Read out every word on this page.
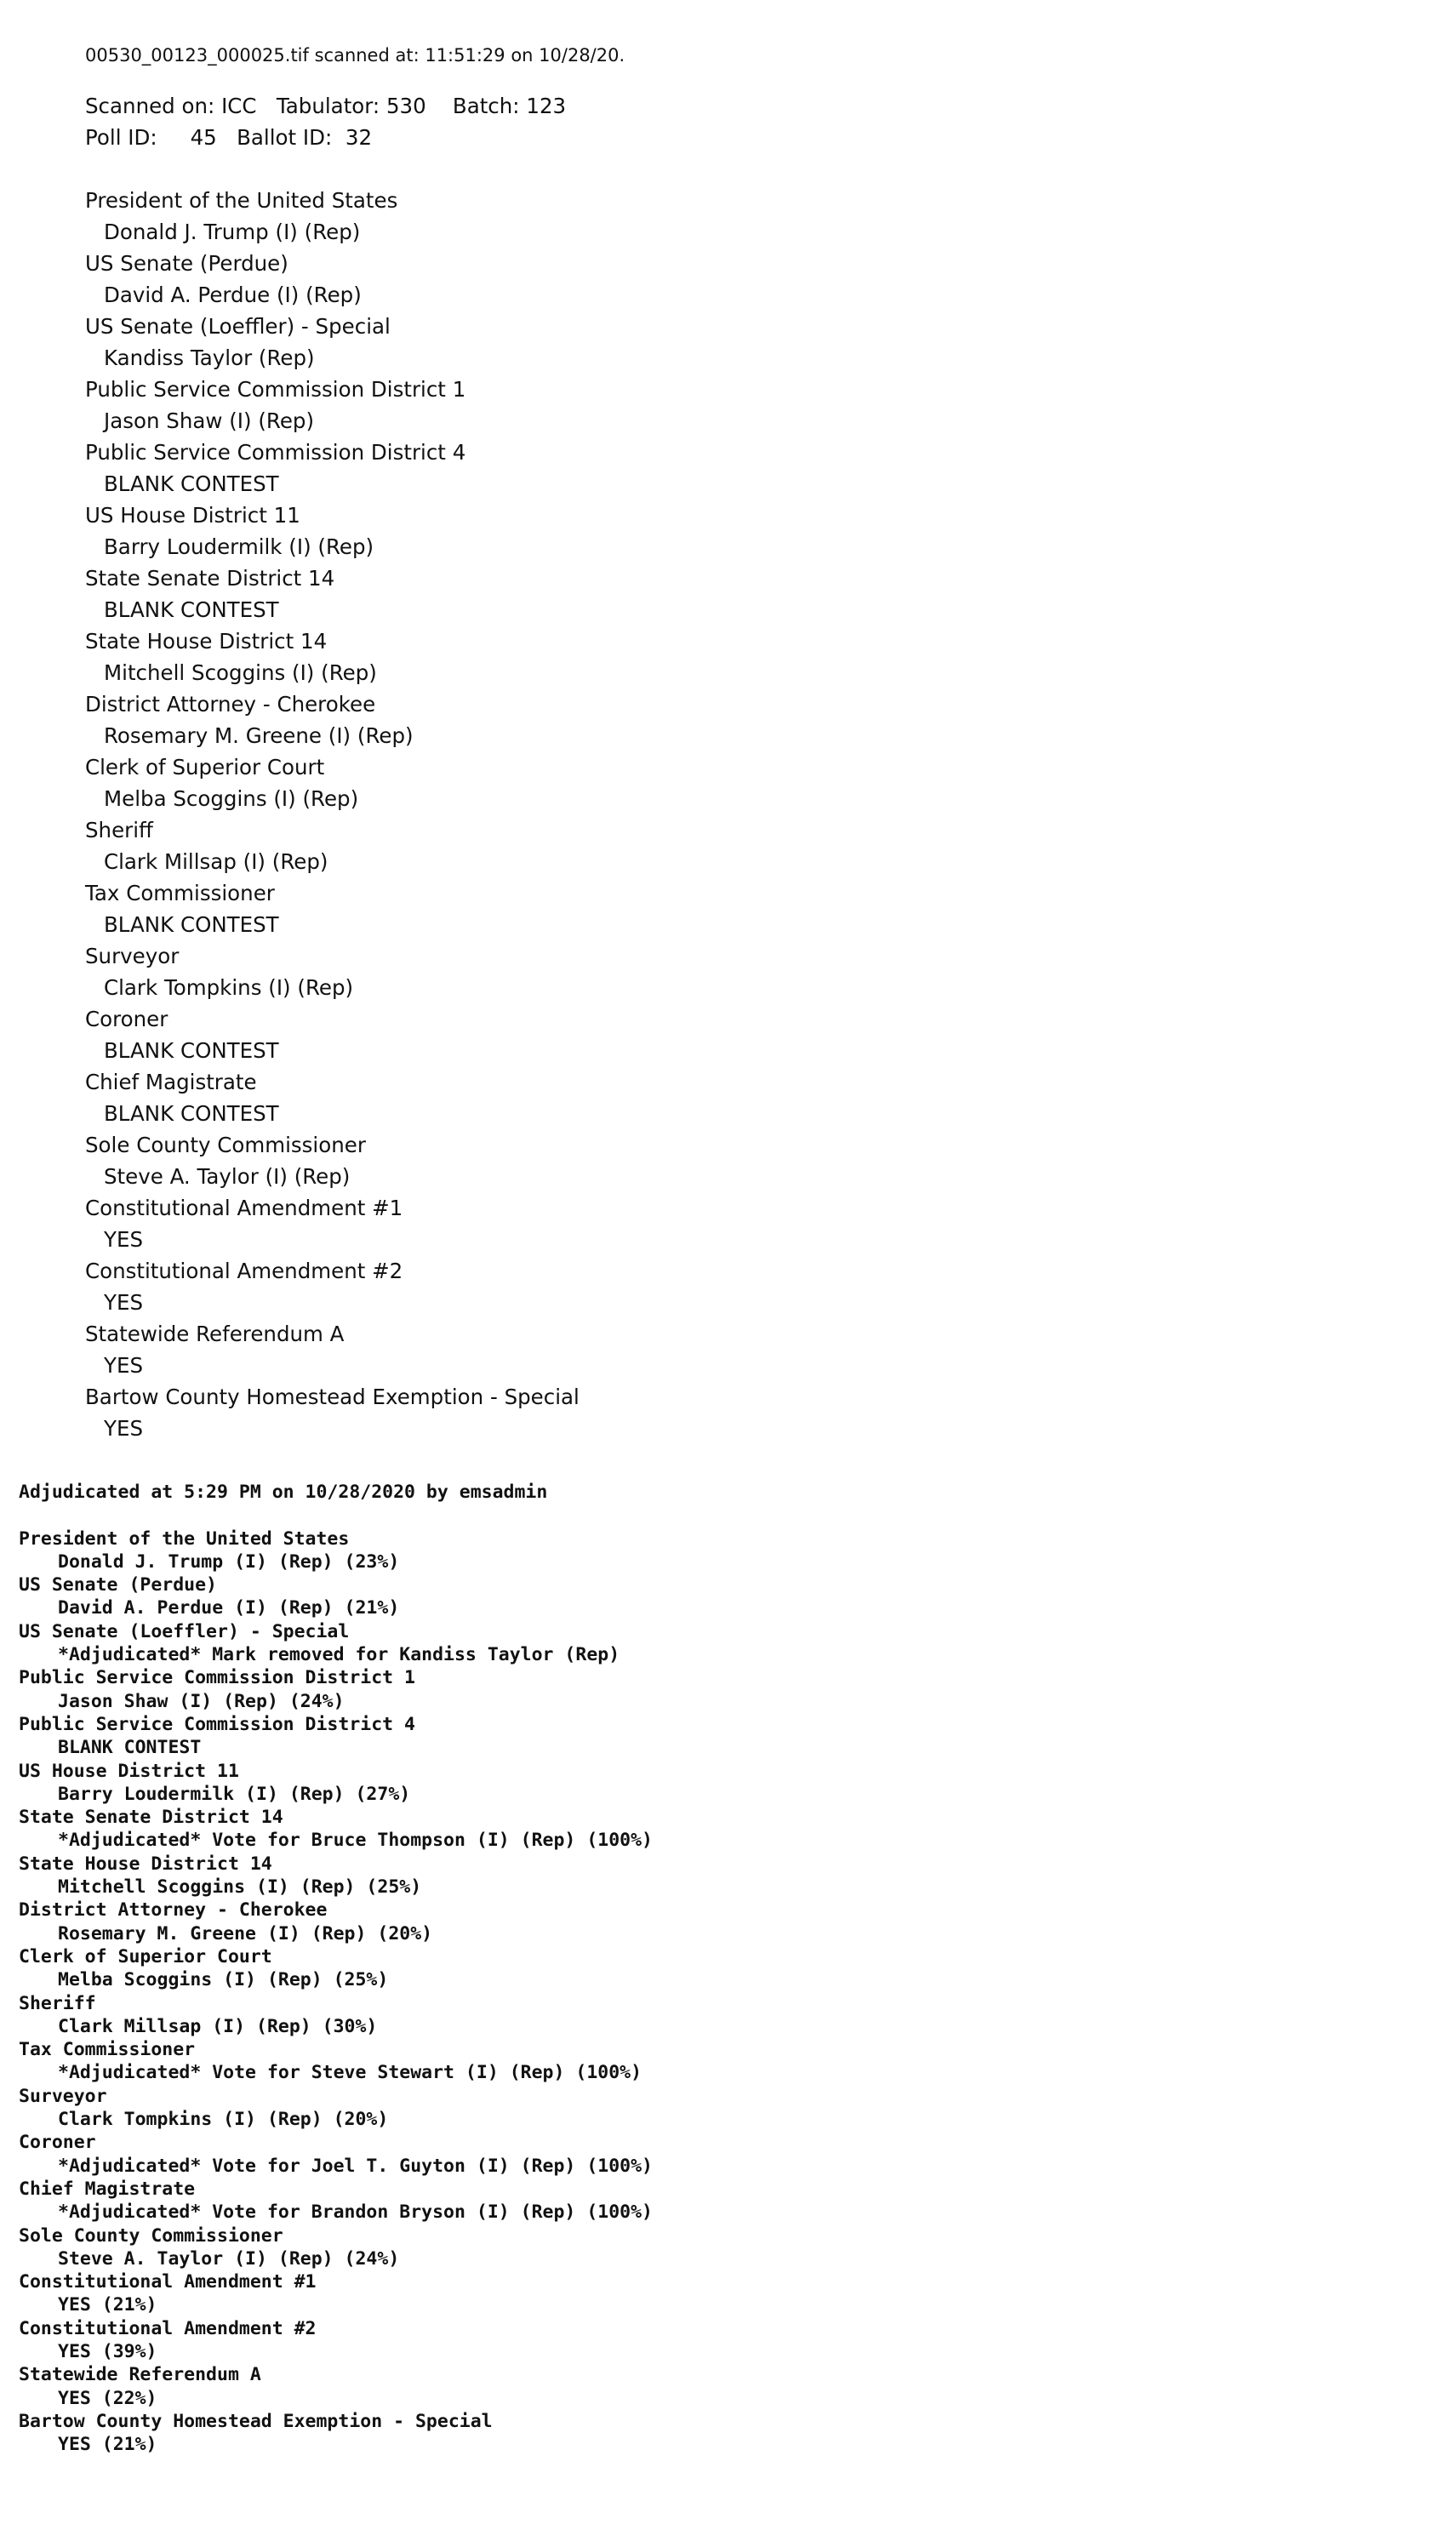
00530_00123_000025.tif scanned at: 11:51:29 on 10/28/20.
Scanned on: ICC   Tabulator: 530    Batch: 123
Poll ID:     45   Ballot ID:  32
President of the United States
Donald J. Trump (I) (Rep)
US Senate (Perdue)
David A. Perdue (I) (Rep)
US Senate (Loeffler) - Special
Kandiss Taylor (Rep)
Public Service Commission District 1
Jason Shaw (I) (Rep)
Public Service Commission District 4
BLANK CONTEST
US House District 11
Barry Loudermilk (I) (Rep)
State Senate District 14
BLANK CONTEST
State House District 14
Mitchell Scoggins (I) (Rep)
District Attorney - Cherokee
Rosemary M. Greene (I) (Rep)
Clerk of Superior Court
Melba Scoggins (I) (Rep)
Sheriff
Clark Millsap (I) (Rep)
Tax Commissioner
BLANK CONTEST
Surveyor
Clark Tompkins (I) (Rep)
Coroner
BLANK CONTEST
Chief Magistrate
BLANK CONTEST
Sole County Commissioner
Steve A. Taylor (I) (Rep)
Constitutional Amendment #1
YES
Constitutional Amendment #2
YES
Statewide Referendum A
YES
Bartow County Homestead Exemption - Special
YES
Adjudicated at 5:29 PM on 10/28/2020 by emsadmin
President of the United States
Donald J. Trump (I) (Rep) (23%)
US Senate (Perdue)
David A. Perdue (I) (Rep) (21%)
US Senate (Loeffler) - Special
*Adjudicated* Mark removed for Kandiss Taylor (Rep)
Public Service Commission District 1
Jason Shaw (I) (Rep) (24%)
Public Service Commission District 4
BLANK CONTEST
US House District 11
Barry Loudermilk (I) (Rep) (27%)
State Senate District 14
*Adjudicated* Vote for Bruce Thompson (I) (Rep) (100%)
State House District 14
Mitchell Scoggins (I) (Rep) (25%)
District Attorney - Cherokee
Rosemary M. Greene (I) (Rep) (20%)
Clerk of Superior Court
Melba Scoggins (I) (Rep) (25%)
Sheriff
Clark Millsap (I) (Rep) (30%)
Tax Commissioner
*Adjudicated* Vote for Steve Stewart (I) (Rep) (100%)
Surveyor
Clark Tompkins (I) (Rep) (20%)
Coroner
*Adjudicated* Vote for Joel T. Guyton (I) (Rep) (100%)
Chief Magistrate
*Adjudicated* Vote for Brandon Bryson (I) (Rep) (100%)
Sole County Commissioner
Steve A. Taylor (I) (Rep) (24%)
Constitutional Amendment #1
YES (21%)
Constitutional Amendment #2
YES (39%)
Statewide Referendum A
YES (22%)
Bartow County Homestead Exemption - Special
YES (21%)
